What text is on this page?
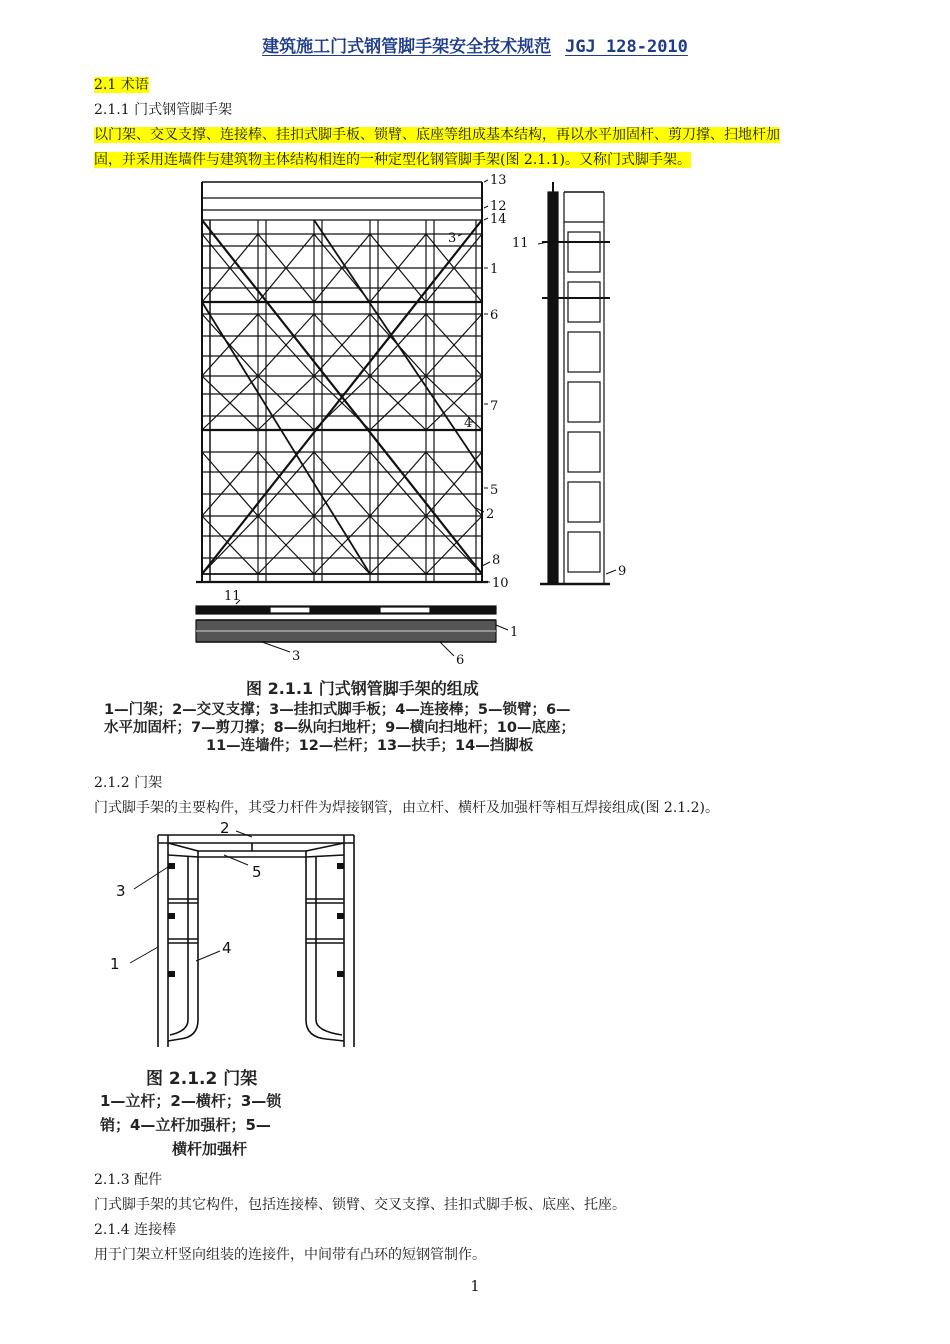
建筑施工门式钢管脚手架安全技术规范 JGJ 128-2010
2.1 术语
2.1.1 门式钢管脚手架
以门架、交叉支撑、连接棒、挂扣式脚手板、锁臂、底座等组成基本结构，再以水平加固杆、剪刀撑、扫地杆加
固，并采用连墙件与建筑物主体结构相连的一种定型化钢管脚手架(图 2.1.1)。又称门式脚手架。
13
12
14
3
1
6
7
4
5
2
8
10
11
9
11
1
3	6
图 2.1.1 门式钢管脚手架的组成
1—门架；2—交叉支撑；3—挂扣式脚手板；4—连接棒；5—锁臂；6—
水平加固杆；7—剪刀撑；8—纵向扫地杆；9—横向扫地杆；10—底座；
11—连墙件；12—栏杆；13—扶手；14—挡脚板
2.1.2 门架
门式脚手架的主要构件，其受力杆件为焊接钢管，由立杆、横杆及加强杆等相互焊接组成(图 2.1.2)。
2
5
3
4
1
图 2.1.2 门架
1—立杆；2—横杆；3—锁
销；4—立杆加强杆；5—
横杆加强杆
2.1.3 配件
门式脚手架的其它构件，包括连接棒、锁臂、交叉支撑、挂扣式脚手板、底座、托座。
2.1.4 连接棒
用于门架立杆竖向组装的连接件，中间带有凸环的短钢管制作。
1
